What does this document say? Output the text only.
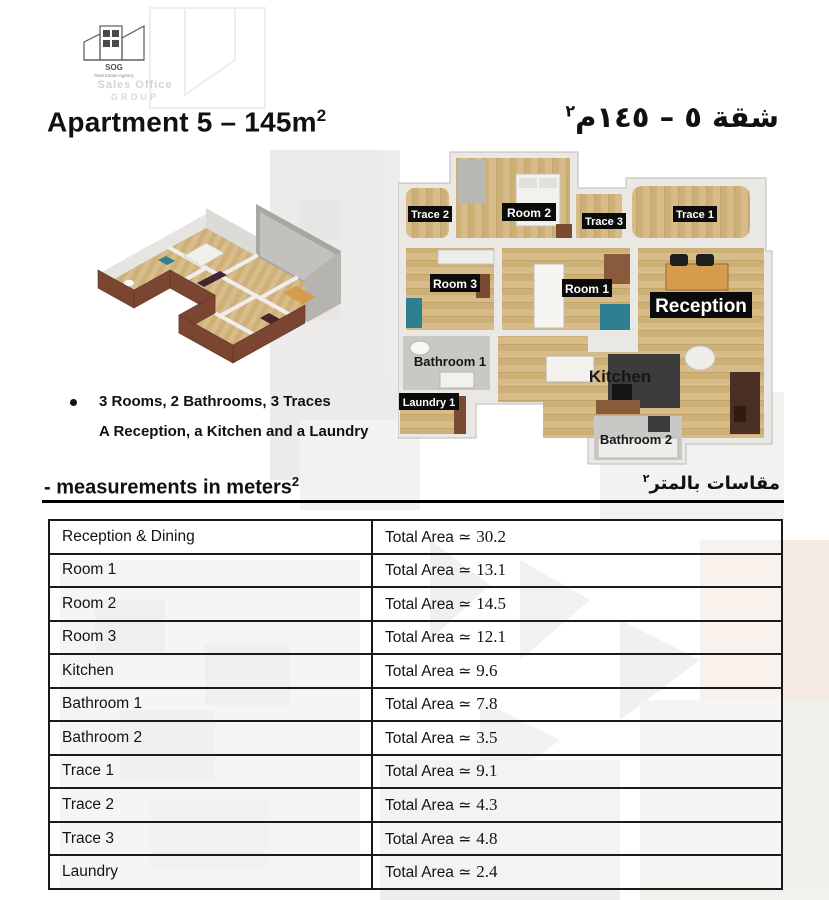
SOG
Real Estate Agency
Sales Office
GROUP
Apartment $5 - 145m^2$	شقة ٥ – ١٤٥م$^٢$
Trace 2	Room 2
Trace 3
Trace 1
Room 3	Room 1
Reception
Laundry 1
Bathroom 1
Kitchen
Bathroom 2
3 Rooms, 2 Bathrooms, 3 Traces
A Reception, a Kitchen and a Laundry
- measurements in meters$^2$	مقاسات بالمتر$^٢$
Reception & Dining	Total Area ≃ 30.2
Room 1	Total Area ≃ 13.1
Room 2	Total Area ≃ 14.5
Room 3	Total Area ≃ 12.1
Kitchen	Total Area ≃ 9.6
Bathroom 1	Total Area ≃ 7.8
Bathroom 2	Total Area ≃ 3.5
Trace 1	Total Area ≃ 9.1
Trace 2	Total Area ≃ 4.3
Trace 3	Total Area ≃ 4.8
Laundry	Total Area ≃ 2.4
